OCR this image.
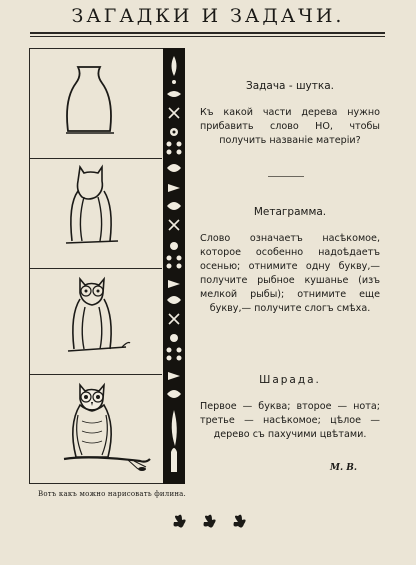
ЗАГАДКИ И ЗАДАЧИ.
Вотъ какъ можно нарисовать филина.
Задача - шутка.
Къ какой части дерева нужно прибавить слово НО, чтобы получить названіе матеріи?
Метаграмма.
Слово означаетъ насѣкомое, которое особенно надоѣдаетъ осенью; отнимите одну букву,— получите рыбное кушанье (изъ мелкой рыбы); отнимите еще букву,— получите слогъ смѣха.
Шарада.
Первое — буква; второе — нота; третье — насѣкомое; цѣлое — дерево съ пахучими цвѣтами.
М. В.
